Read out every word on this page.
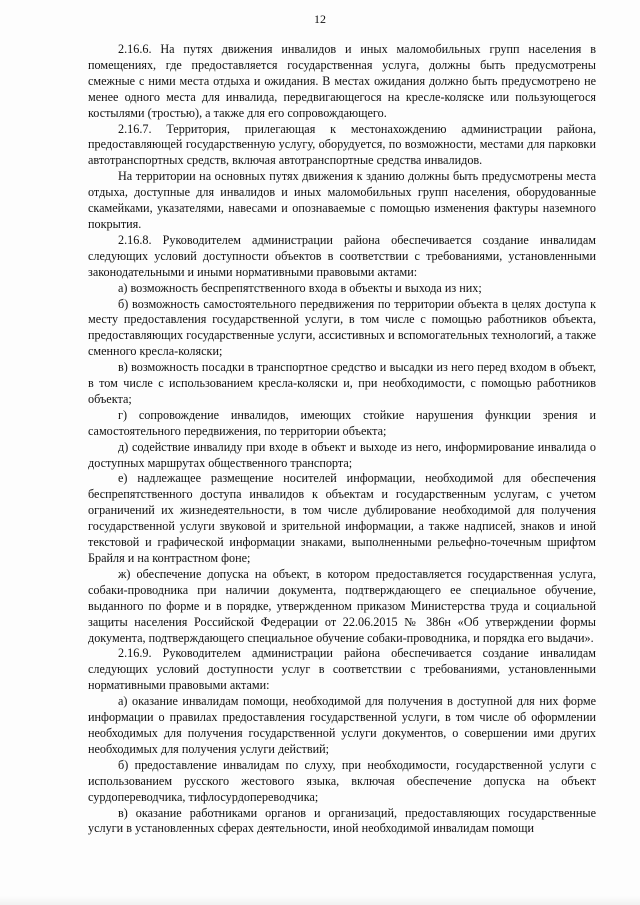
12

2.16.6. На путях движения инвалидов и иных маломобильных групп населения в помещениях, где предоставляется государственная услуга, должны быть предусмотрены смежные с ними места отдыха и ожидания. В местах ожидания должно быть предусмотрено не менее одного места для инвалида, передвигающегося на кресле-коляске или пользующегося костылями (тростью), а также для его сопровождающего.

2.16.7. Территория, прилегающая к местонахождению администрации района, предоставляющей государственную услугу, оборудуется, по возможности, местами для парковки автотранспортных средств, включая автотранспортные средства инвалидов.

На территории на основных путях движения к зданию должны быть предусмотрены места отдыха, доступные для инвалидов и иных маломобильных групп населения, оборудованные скамейками, указателями, навесами и опознаваемые с помощью изменения фактуры наземного покрытия.

2.16.8. Руководителем администрации района обеспечивается создание инвалидам следующих условий доступности объектов в соответствии с требованиями, установленными законодательными и иными нормативными правовыми актами:

а) возможность беспрепятственного входа в объекты и выхода из них;

б) возможность самостоятельного передвижения по территории объекта в целях доступа к месту предоставления государственной услуги, в том числе с помощью работников объекта, предоставляющих государственные услуги, ассистивных и вспомогательных технологий, а также сменного кресла-коляски;

в) возможность посадки в транспортное средство и высадки из него перед входом в объект, в том числе с использованием кресла-коляски и, при необходимости, с помощью работников объекта;

г) сопровождение инвалидов, имеющих стойкие нарушения функции зрения и самостоятельного передвижения, по территории объекта;

д) содействие инвалиду при входе в объект и выходе из него, информирование инвалида о доступных маршрутах общественного транспорта;

е) надлежащее размещение носителей информации, необходимой для обеспечения беспрепятственного доступа инвалидов к объектам и государственным услугам, с учетом ограничений их жизнедеятельности, в том числе дублирование необходимой для получения государственной услуги звуковой и зрительной информации, а также надписей, знаков и иной текстовой и графической информации знаками, выполненными рельефно-точечным шрифтом Брайля и на контрастном фоне;

ж) обеспечение допуска на объект, в котором предоставляется государственная услуга, собаки-проводника при наличии документа, подтверждающего ее специальное обучение, выданного по форме и в порядке, утвержденном приказом Министерства труда и социальной защиты населения Российской Федерации от 22.06.2015 № 386н «Об утверждении формы документа, подтверждающего специальное обучение собаки-проводника, и порядка его выдачи».

2.16.9. Руководителем администрации района обеспечивается создание инвалидам следующих условий доступности услуг в соответствии с требованиями, установленными нормативными правовыми актами:

а) оказание инвалидам помощи, необходимой для получения в доступной для них форме информации о правилах предоставления государственной услуги, в том числе об оформлении необходимых для получения государственной услуги документов, о совершении ими других необходимых для получения услуги действий;

б) предоставление инвалидам по слуху, при необходимости, государственной услуги с использованием русского жестового языка, включая обеспечение допуска на объект сурдопереводчика, тифлосурдопереводчика;

в) оказание работниками органов и организаций, предоставляющих государственные услуги в установленных сферах деятельности, иной необходимой инвалидам помощи
